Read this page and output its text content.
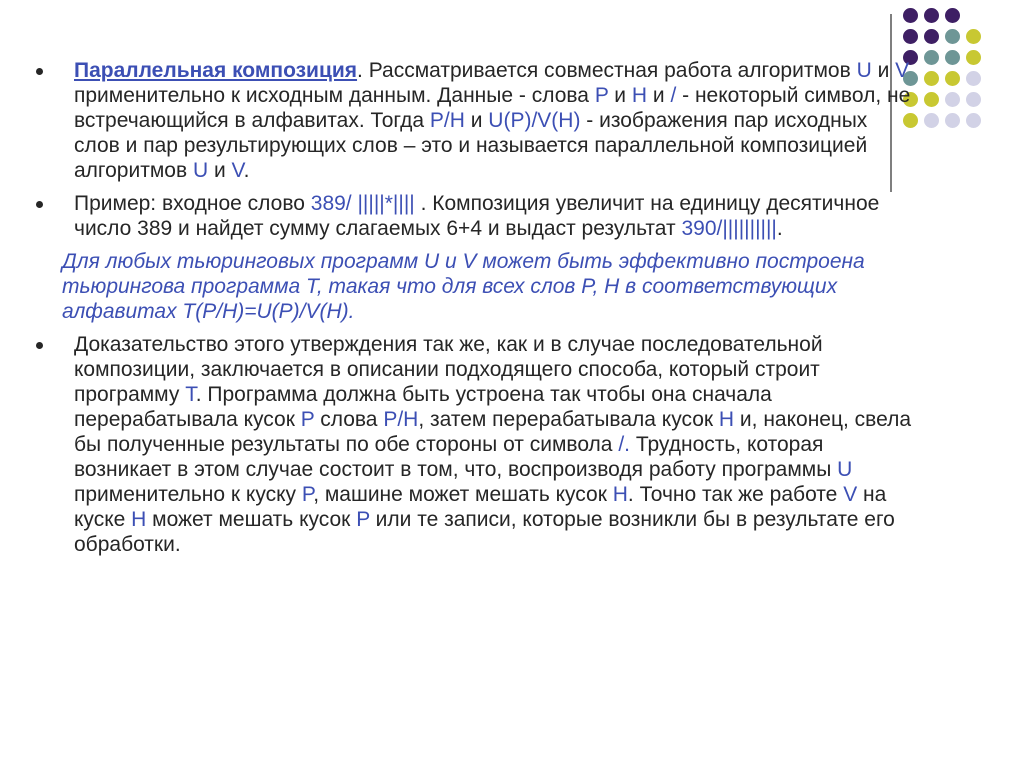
Параллельная композиция. Рассматривается совместная работа алгоритмов U и V применительно к исходным данным. Данные - слова P и H и / - некоторый символ, не встречающийся в алфавитах. Тогда P/H и U(P)/V(H) - изображения пар исходных слов и пар результирующих слов – это и называется параллельной композицией алгоритмов U и V.
Пример: входное слово 389/ |||||*|||| . Композиция увеличит на единицу десятичное число 389 и найдет сумму слагаемых 6+4 и выдаст результат 390/||||||||||.
Для любых тьюринговых программ U и V может быть эффективно построена тьюрингова программа T, такая что для всех слов P, H в соответствующих алфавитах T(P/H)=U(P)/V(H).
Доказательство этого утверждения так же, как и в случае последовательной композиции, заключается в описании подходящего способа, который строит программу T. Программа должна быть устроена так чтобы она сначала перерабатывала кусок P слова P/H, затем перерабатывала кусок H и, наконец, свела бы полученные результаты по обе стороны от символа /. Трудность, которая возникает в этом случае состоит в том, что, воспроизводя работу программы U применительно к куску P, машине может мешать кусок H. Точно так же работе V на куске H может мешать кусок P или те записи, которые возникли бы в результате его обработки.
